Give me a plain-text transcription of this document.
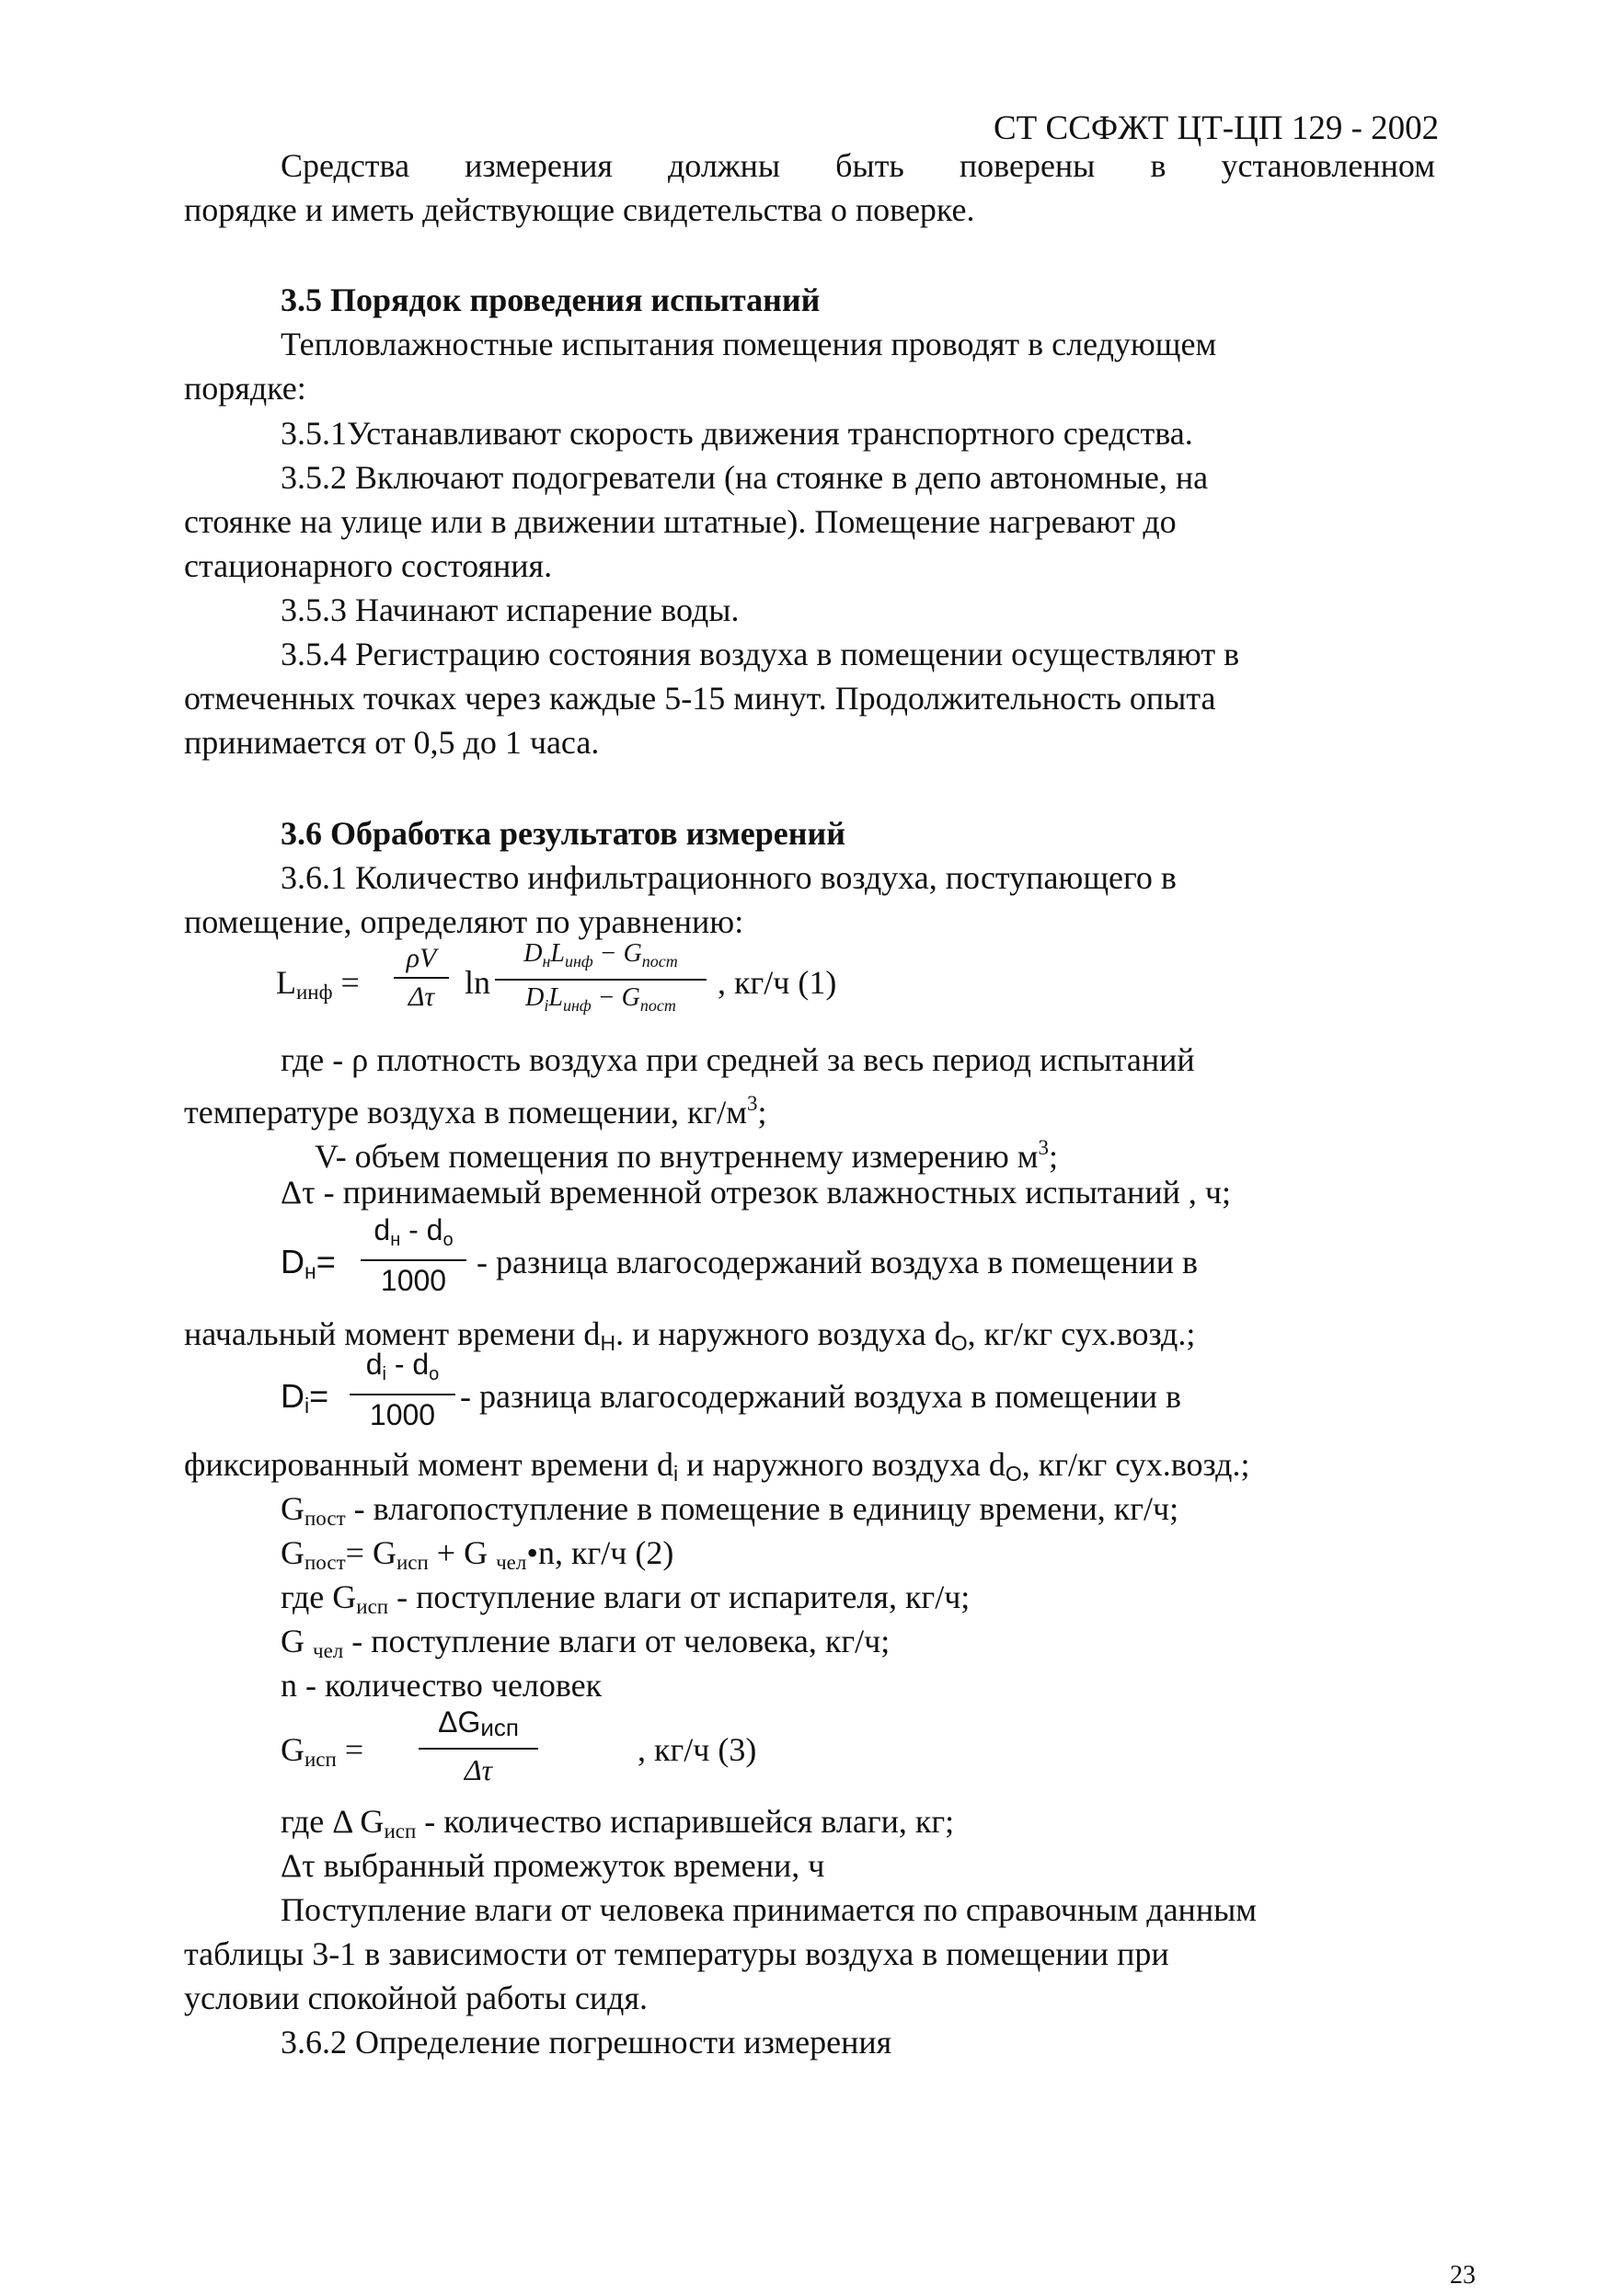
СТ ССФЖТ ЦТ-ЦП 129 - 2002
Средства измерения должны быть поверены в установленном
порядке и иметь действующие свидетельства о поверке.
3.5 Порядок проведения испытаний
Тепловлажностные испытания помещения проводят в следующем
порядке:
3.5.1Устанавливают скорость движения транспортного средства.
3.5.2 Включают подогреватели (на стоянке в депо автономные, на
стоянке на улице или в движении штатные). Помещение нагревают до
стационарного состояния.
3.5.3 Начинают испарение воды.
3.5.4 Регистрацию состояния воздуха в помещении осуществляют в
отмеченных точках через каждые 5-15 минут. Продолжительность опыта
принимается от 0,5 до 1 часа.
3.6 Обработка результатов измерений
3.6.1 Количество инфильтрационного воздуха, поступающего в
помещение, определяют по уравнению:
$L_{инф} = \frac{\rho V}{\Delta\tau}$ ln
$D_нL_{инф} - G_{пост}$
$D_iL_{инф} - G_{пост}$
, кг/ч (1)
где - ρ плотность воздуха при средней за весь период испытаний
температуре воздуха в помещении, $кг/м^3$;
V- объем помещения по внутреннему измерению $м^3$;
Δτ - принимаемый временной отрезок влажностных испытаний , ч;
$D_н=$
$d_н - d_о$
1000 - разница влагосодержаний воздуха в помещении в
начальный момент времени $d_H$. и наружного воздуха $d_O$, кг/кг сух.возд.;
$D_i=$
$d_i - d_о$
1000 - разница влагосодержаний воздуха в помещении в
фиксированный момент времени $d_i$ и наружного воздуха $d_O$, кг/кг сух.возд.;
$G_{пост}$ - влагопоступление в помещение в единицу времени, кг/ч;
$G_{пост}= G_{исп} + G$ $_{чел}$•n, кг/ч (2)
где $G_{исп}$ - поступление влаги от испарителя, кг/ч;
G $_{чел}$ - поступление влаги от человека, кг/ч;
n - количество человек
$G_{исп}$ =
ΔGисп
Δτ
, кг/ч (3)
где Δ $G_{исп}$ - количество испарившейся влаги, кг;
Δτ выбранный промежуток времени, ч
Поступление влаги от человека принимается по справочным данным
таблицы 3-1 в зависимости от температуры воздуха в помещении при
условии спокойной работы сидя.
3.6.2 Определение погрешности измерения
23
